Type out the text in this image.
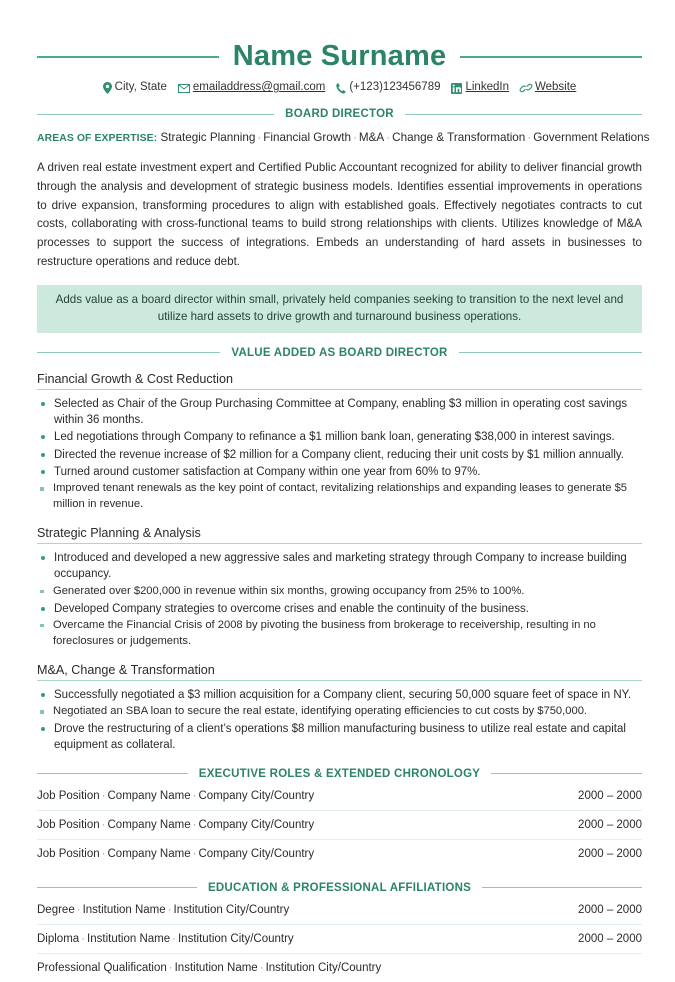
Name Surname
City, State emailaddress@gmail.com (+123)123456789 LinkedIn Website
BOARD DIRECTOR
AREAS OF EXPERTISE: Strategic Planning · Financial Growth · M&A · Change & Transformation · Government Relations
A driven real estate investment expert and Certified Public Accountant recognized for ability to deliver financial growth through the analysis and development of strategic business models. Identifies essential improvements in operations to drive expansion, transforming procedures to align with established goals. Effectively negotiates contracts to cut costs, collaborating with cross-functional teams to build strong relationships with clients. Utilizes knowledge of M&A processes to support the success of integrations. Embeds an understanding of hard assets in businesses to restructure operations and reduce debt.
Adds value as a board director within small, privately held companies seeking to transition to the next level and utilize hard assets to drive growth and turnaround business operations.
VALUE ADDED AS BOARD DIRECTOR
Financial Growth & Cost Reduction
Selected as Chair of the Group Purchasing Committee at Company, enabling $3 million in operating cost savings within 36 months.
Led negotiations through Company to refinance a $1 million bank loan, generating $38,000 in interest savings.
Directed the revenue increase of $2 million for a Company client, reducing their unit costs by $1 million annually.
Turned around customer satisfaction at Company within one year from 60% to 97%.
Improved tenant renewals as the key point of contact, revitalizing relationships and expanding leases to generate $5 million in revenue.
Strategic Planning & Analysis
Introduced and developed a new aggressive sales and marketing strategy through Company to increase building occupancy.
Generated over $200,000 in revenue within six months, growing occupancy from 25% to 100%.
Developed Company strategies to overcome crises and enable the continuity of the business.
Overcame the Financial Crisis of 2008 by pivoting the business from brokerage to receivership, resulting in no foreclosures or judgements.
M&A, Change & Transformation
Successfully negotiated a $3 million acquisition for a Company client, securing 50,000 square feet of space in NY.
Negotiated an SBA loan to secure the real estate, identifying operating efficiencies to cut costs by $750,000.
Drove the restructuring of a client’s operations $8 million manufacturing business to utilize real estate and capital equipment as collateral.
EXECUTIVE ROLES & EXTENDED CHRONOLOGY
Job Position · Company Name · Company City/Country	2000 – 2000
Job Position · Company Name · Company City/Country	2000 – 2000
Job Position · Company Name · Company City/Country	2000 – 2000
EDUCATION & PROFESSIONAL AFFILIATIONS
Degree · Institution Name · Institution City/Country	2000 – 2000
Diploma · Institution Name · Institution City/Country	2000 – 2000
Professional Qualification · Institution Name · Institution City/Country
